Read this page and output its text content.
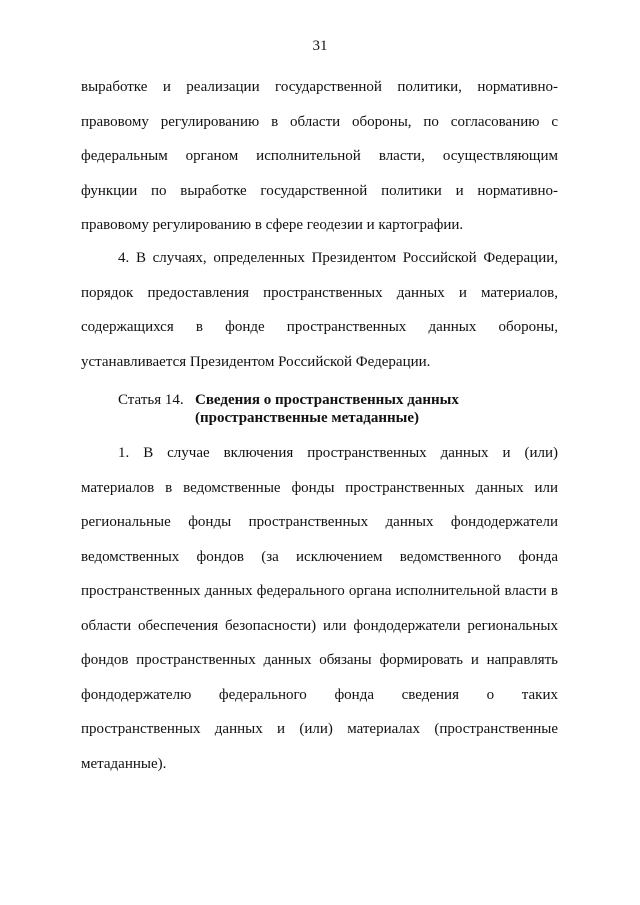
31
выработке и реализации государственной политики, нормативно-
правовому регулированию в области обороны, по согласованию с
федеральным органом исполнительной власти, осуществляющим
функции по выработке государственной политики и нормативно-
правовому регулированию в сфере геодезии и картографии.
4. В случаях, определенных Президентом Российской Федерации,
порядок предоставления пространственных данных и материалов,
содержащихся в фонде пространственных данных обороны,
устанавливается Президентом Российской Федерации.
Статья 14. Сведения о пространственных данных
(пространственные метаданные)
1. В случае включения пространственных данных и (или)
материалов в ведомственные фонды пространственных данных или
региональные фонды пространственных данных фондодержатели
ведомственных фондов (за исключением ведомственного фонда
пространственных данных федерального органа исполнительной власти в
области обеспечения безопасности) или фондодержатели региональных
фондов пространственных данных обязаны формировать и направлять
фондодержателю федерального фонда сведения о таких
пространственных данных и (или) материалах (пространственные
метаданные).
